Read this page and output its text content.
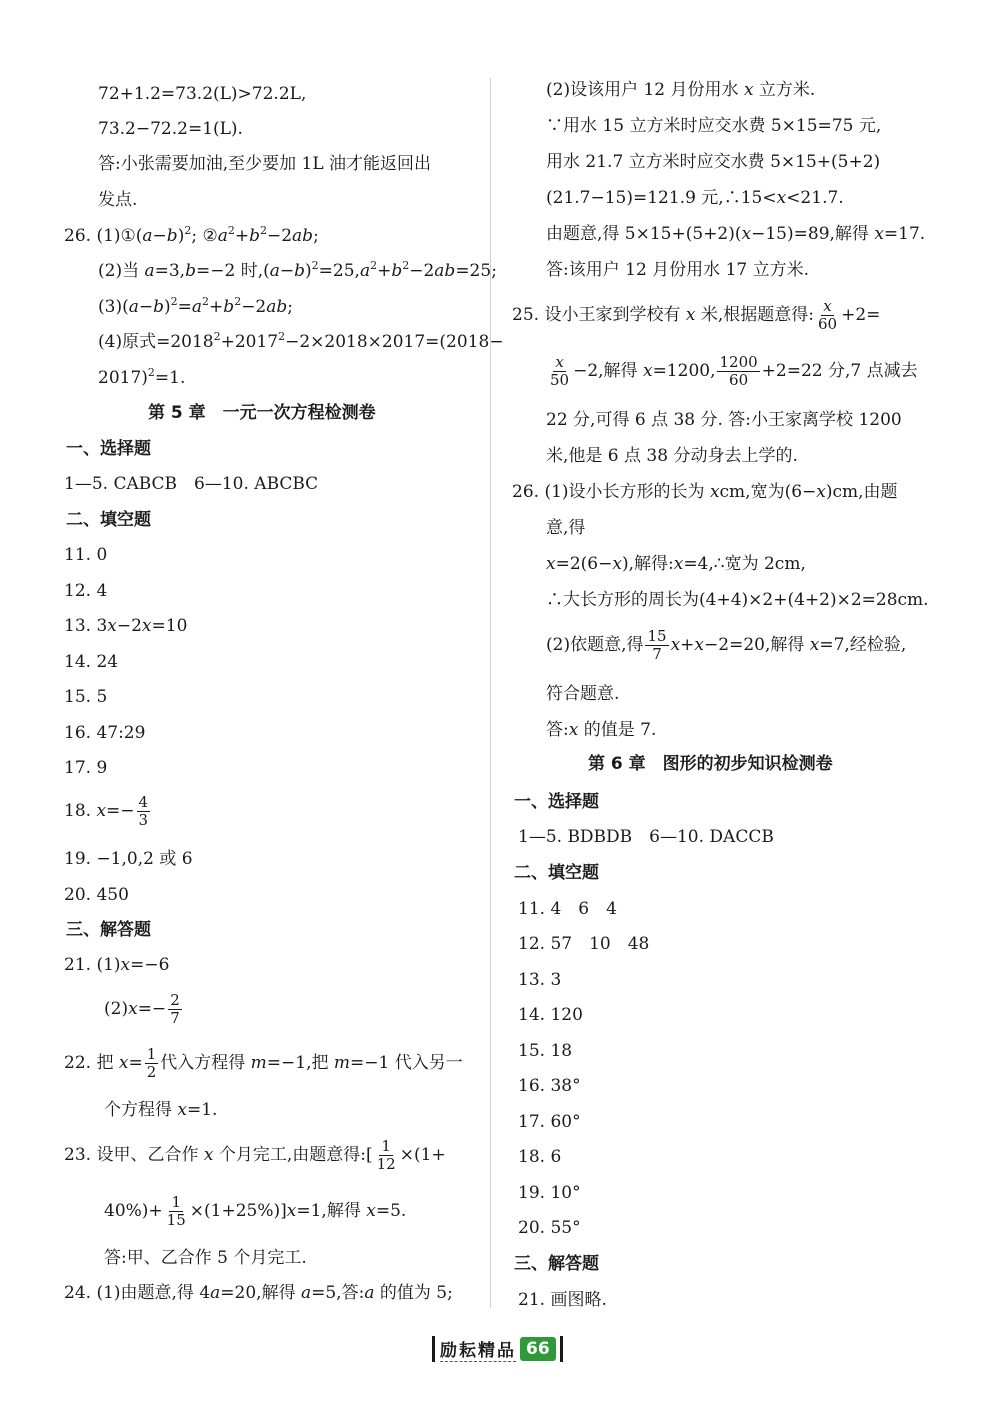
72+1.2=73.2(L)>72.2L,
73.2−72.2=1(L).
答:小张需要加油,至少要加 1L 油才能返回出
发点.
26. $(1)①(a-b)^2$; $②a^2+b^2-2ab$;
(2)当 a=3,b=−2 时$,(a-b)^2=25,a^2+b^2-2ab=25$;
$(3)(a-b)^2=a^2+b^2-2ab$;
(4)原式$=2018^2+2017^2-2\times 2018\times 2017=(2018-$
2017)$^2$=1.
第 5 章　一元一次方程检测卷
一、选择题
1—5. CABCB　6—10. ABCBC
二、填空题
11. 0
12. 4
13. 3x−2x=10
14. 24
15. 5
16. 47:29
17. 9
18. $x=- \frac{4}{3}$
19. −1,0,2 或 6
20. 450
三、解答题
21. (1)x=−6
$(2)x=- \frac{2}{7}$
22. 把 $x= \frac{1}{2}$ 代入方程得 m=−1,把 m=−1 代入另一
个方程得 x=1.
23. 设甲、乙合作 x 个月完工,由题意得:[ $\frac{1}{12} \times(1+$
$40\%)+ \frac{1}{15} \times(1+25\%)]x=1$,解得 x=5.
答:甲、乙合作 5 个月完工.
24. (1)由题意,得 4a=20,解得 a=5,答:a 的值为 5;
(2)设该用户 12 月份用水 x 立方米.
∵用水 15 立方米时应交水费 5×15=75 元,
用水 21.7 立方米时应交水费 5×15+(5+2)
(21.7−15)=121.9 元,∴15<x<21.7.
由题意,得 5×15+(5+2)(x−15)=89,解得 x=17.
答:该用户 12 月份用水 17 立方米.
25. 设小王家到学校有 x 米,根据题意得: $\frac{x}{60} +2=$
$\frac{x}{50} -2$,解得 x=1200, $\frac{1200}{60} +2=22$ 分,7 点减去
22 分,可得 6 点 38 分. 答:小王家离学校 1200
米,他是 6 点 38 分动身去上学的.
26. (1)设小长方形的长为 xcm,宽为(6−x)cm,由题
意,得
x=2(6−x),解得:x=4,∴宽为 2cm,
∴大长方形的周长为(4+4)×2+(4+2)×2=28cm.
(2)依题意,得 $\frac{15}{7} x+x-2=20$,解得 x=7,经检验,
符合题意.
答:x 的值是 7.
第 6 章　图形的初步知识检测卷
一、选择题
1—5. BDBDB　6—10. DACCB
二、填空题
11. 4　6　4
12. 57　10　48
13. 3
14. 120
15. 18
16. 38°
17. 60°
18. 6
19. 10°
20. 55°
三、解答题
21. 画图略.
励耘精品 66
